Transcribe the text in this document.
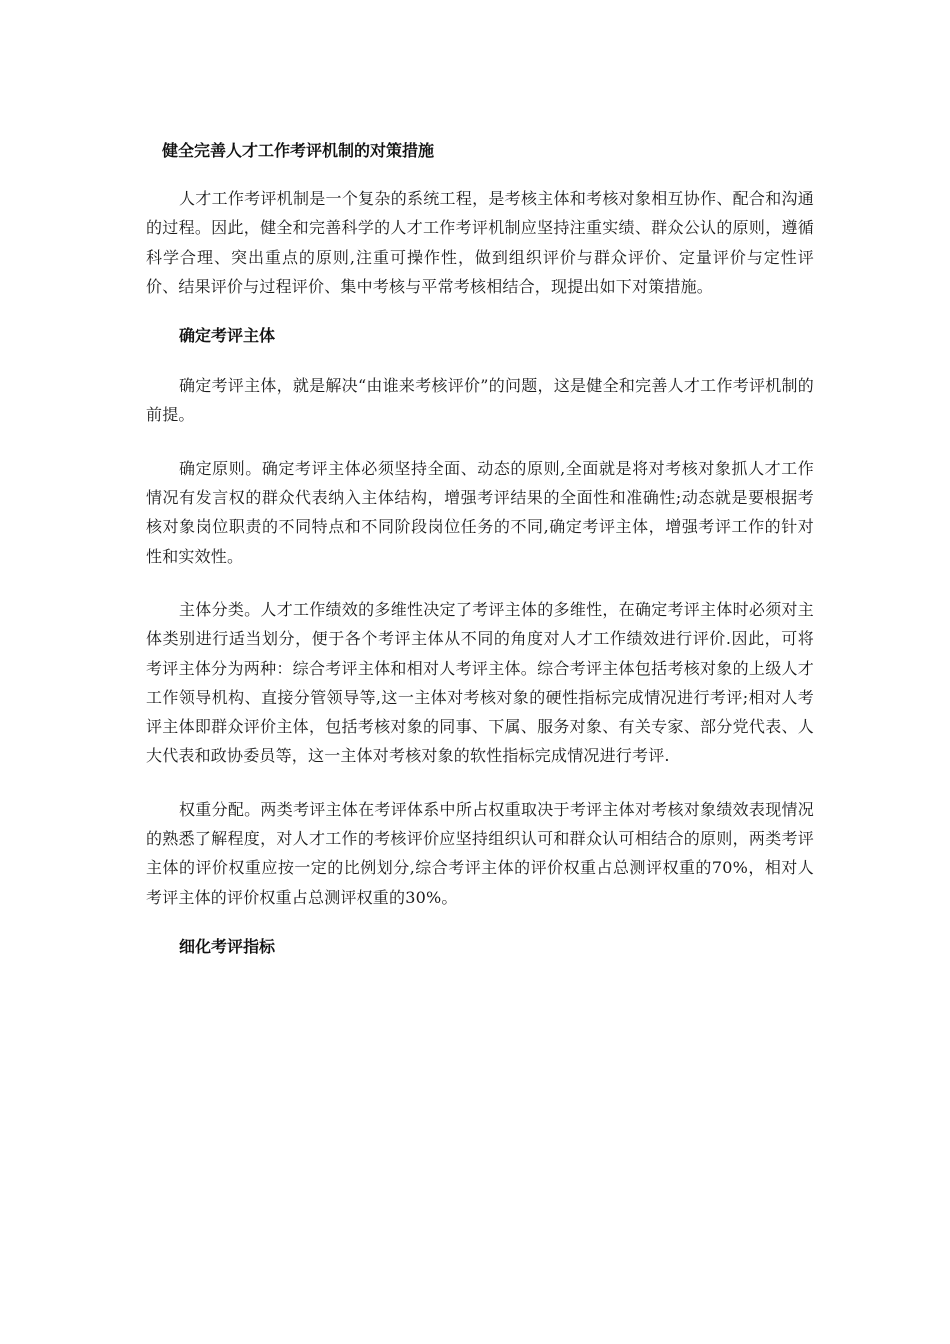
健全完善人才工作考评机制的对策措施

人才工作考评机制是一个复杂的系统工程，是考核主体和考核对象相互协作、配合和沟通的过程。因此，健全和完善科学的人才工作考评机制应坚持注重实绩、群众公认的原则，遵循科学合理、突出重点的原则,注重可操作性，做到组织评价与群众评价、定量评价与定性评价、结果评价与过程评价、集中考核与平常考核相结合，现提出如下对策措施。

确定考评主体

确定考评主体，就是解决“由谁来考核评价”的问题，这是健全和完善人才工作考评机制的前提。

确定原则。确定考评主体必须坚持全面、动态的原则,全面就是将对考核对象抓人才工作情况有发言权的群众代表纳入主体结构，增强考评结果的全面性和准确性;动态就是要根据考核对象岗位职责的不同特点和不同阶段岗位任务的不同,确定考评主体，增强考评工作的针对性和实效性。

主体分类。人才工作绩效的多维性决定了考评主体的多维性，在确定考评主体时必须对主体类别进行适当划分，便于各个考评主体从不同的角度对人才工作绩效进行评价.因此，可将考评主体分为两种：综合考评主体和相对人考评主体。综合考评主体包括考核对象的上级人才工作领导机构、直接分管领导等,这一主体对考核对象的硬性指标完成情况进行考评;相对人考评主体即群众评价主体，包括考核对象的同事、下属、服务对象、有关专家、部分党代表、人大代表和政协委员等，这一主体对考核对象的软性指标完成情况进行考评.

权重分配。两类考评主体在考评体系中所占权重取决于考评主体对考核对象绩效表现情况的熟悉了解程度，对人才工作的考核评价应坚持组织认可和群众认可相结合的原则，两类考评主体的评价权重应按一定的比例划分,综合考评主体的评价权重占总测评权重的70%，相对人考评主体的评价权重占总测评权重的30%。

细化考评指标
